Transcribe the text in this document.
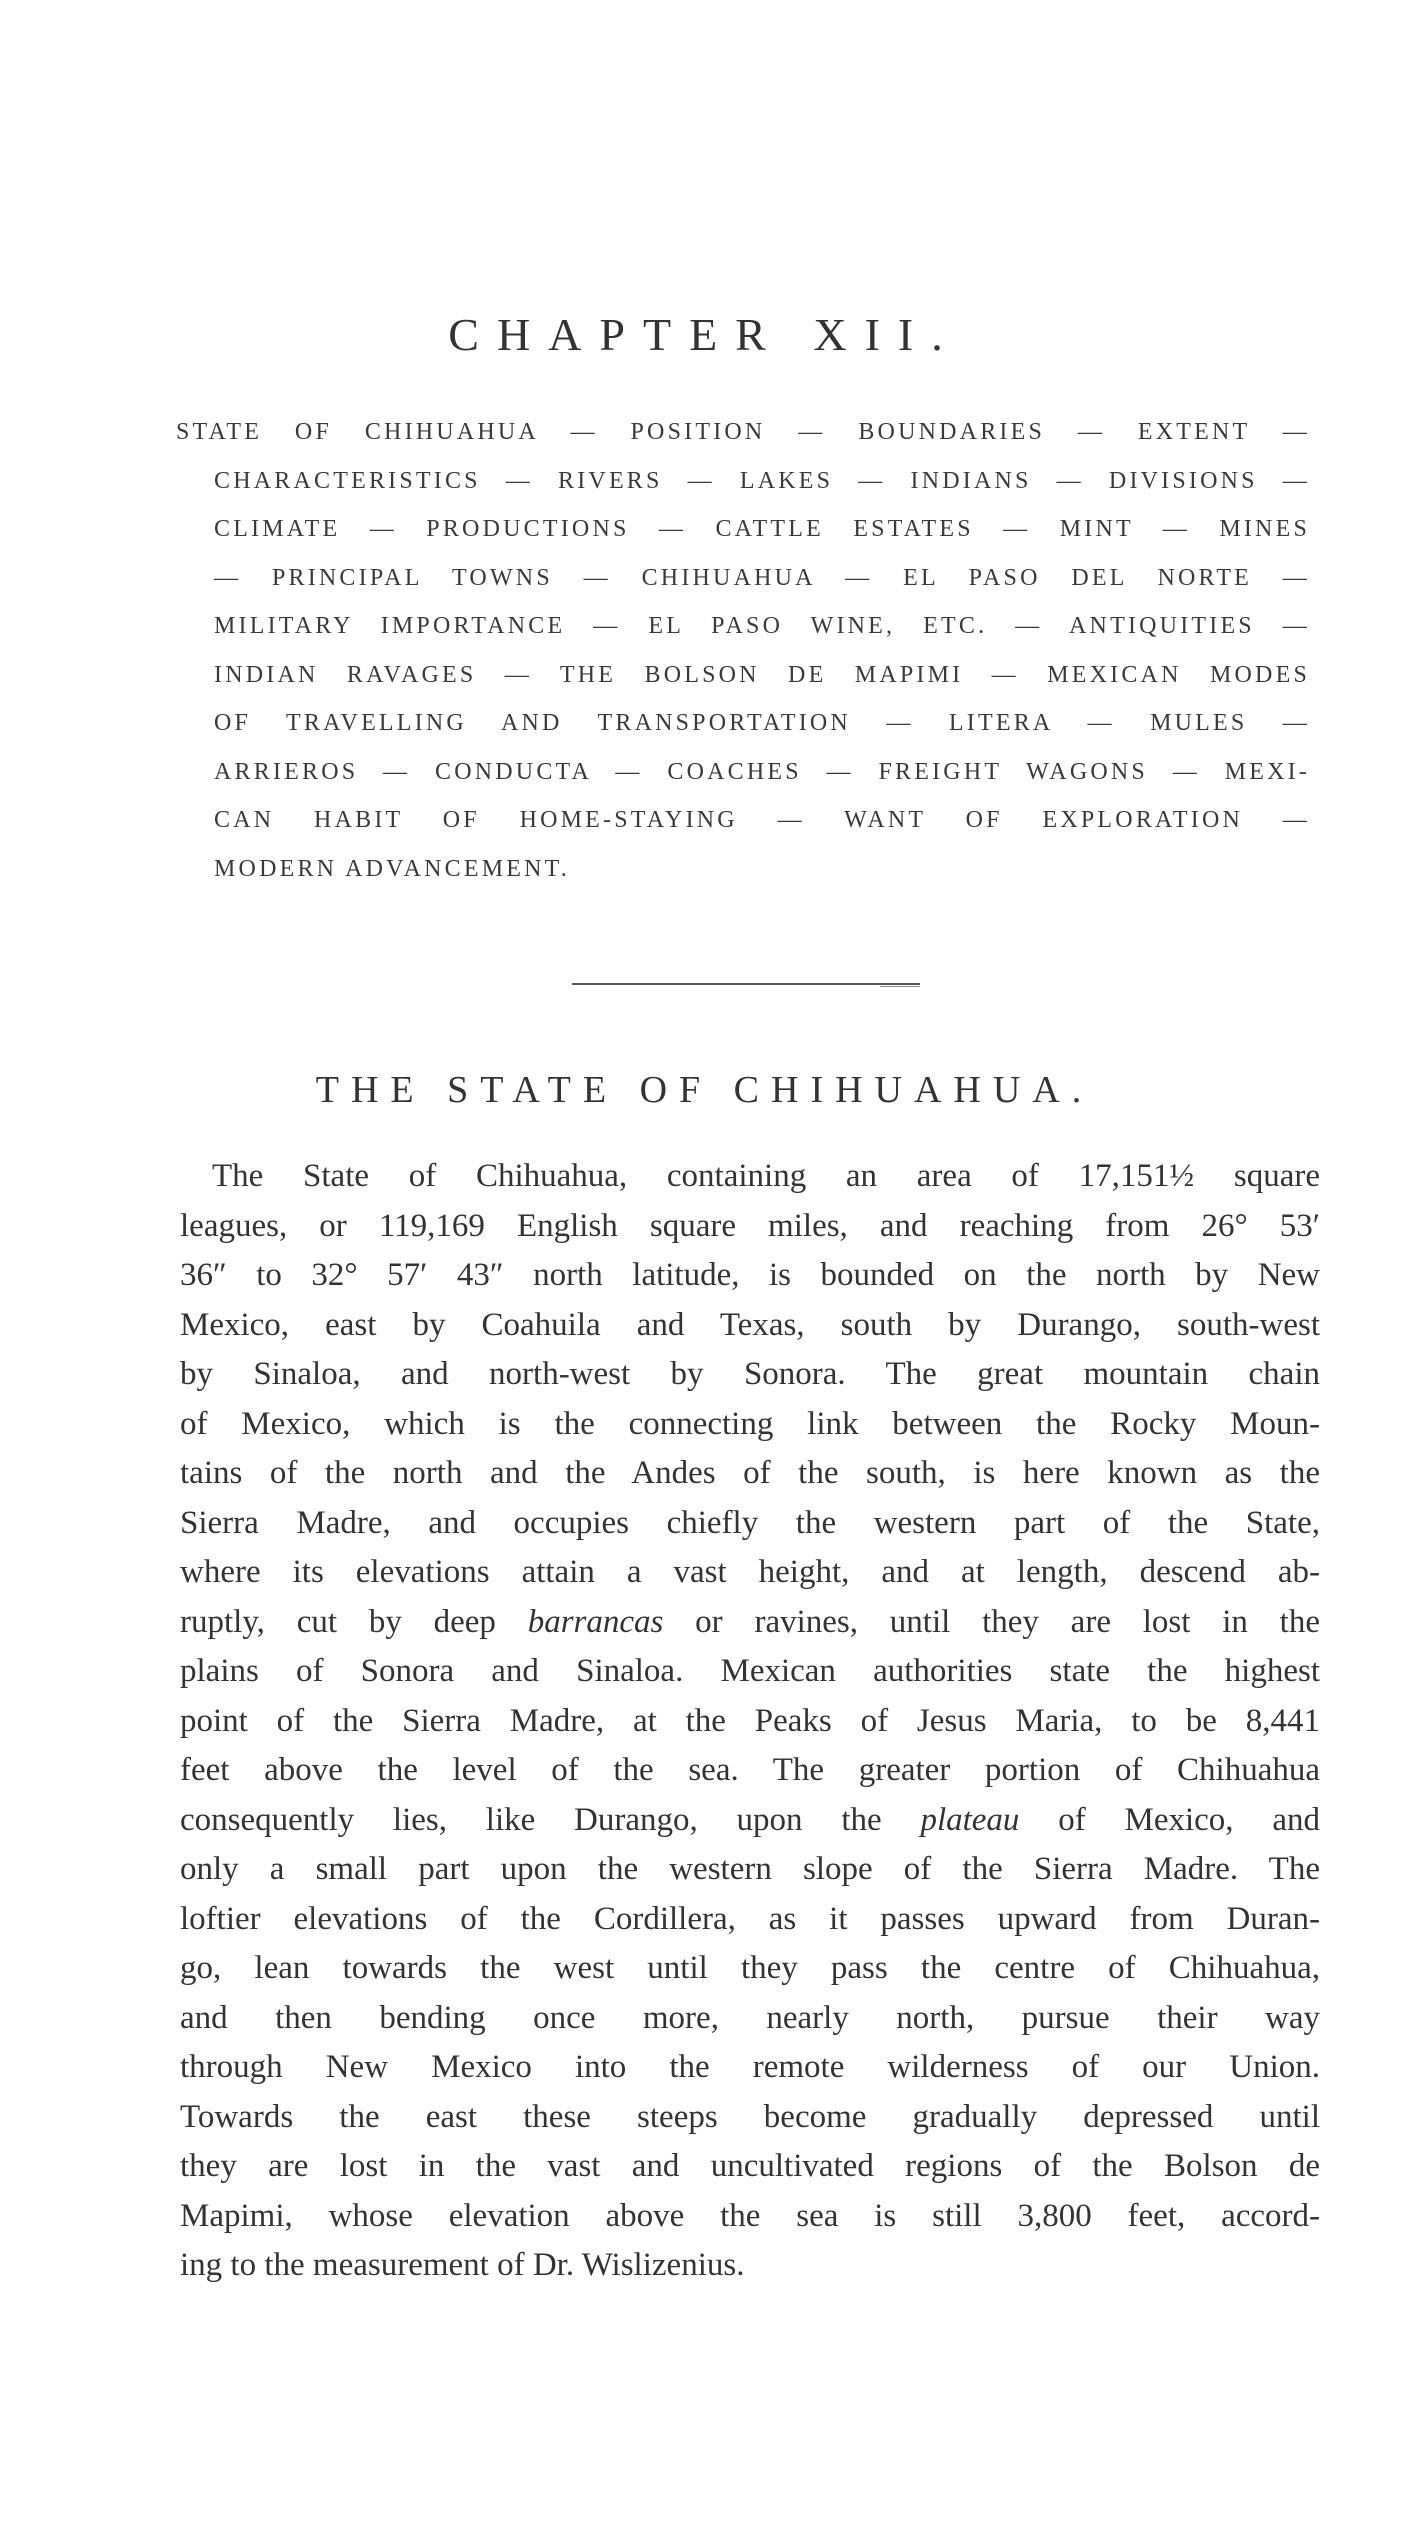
CHAPTER XII.
STATE OF CHIHUAHUA — POSITION — BOUNDARIES — EXTENT —
CHARACTERISTICS — RIVERS — LAKES — INDIANS — DIVISIONS —
CLIMATE — PRODUCTIONS — CATTLE ESTATES — MINT — MINES
— PRINCIPAL TOWNS — CHIHUAHUA — EL PASO DEL NORTE —
MILITARY IMPORTANCE — EL PASO WINE, ETC. — ANTIQUITIES —
INDIAN RAVAGES — THE BOLSON DE MAPIMI — MEXICAN MODES
OF TRAVELLING AND TRANSPORTATION — LITERA — MULES —
ARRIEROS — CONDUCTA — COACHES — FREIGHT WAGONS — MEXI-
CAN HABIT OF HOME-STAYING — WANT OF EXPLORATION —
MODERN ADVANCEMENT.
THE STATE OF CHIHUAHUA.
The State of Chihuahua, containing an area of 17,151½ square
leagues, or 119,169 English square miles, and reaching from 26° 53′
36″ to 32° 57′ 43″ north latitude, is bounded on the north by New
Mexico, east by Coahuila and Texas, south by Durango, south-west
by Sinaloa, and north-west by Sonora. The great mountain chain
of Mexico, which is the connecting link between the Rocky Moun-
tains of the north and the Andes of the south, is here known as the
Sierra Madre, and occupies chiefly the western part of the State,
where its elevations attain a vast height, and at length, descend ab-
ruptly, cut by deep barrancas or ravines, until they are lost in the
plains of Sonora and Sinaloa. Mexican authorities state the highest
point of the Sierra Madre, at the Peaks of Jesus Maria, to be 8,441
feet above the level of the sea. The greater portion of Chihuahua
consequently lies, like Durango, upon the plateau of Mexico, and
only a small part upon the western slope of the Sierra Madre. The
loftier elevations of the Cordillera, as it passes upward from Duran-
go, lean towards the west until they pass the centre of Chihuahua,
and then bending once more, nearly north, pursue their way
through New Mexico into the remote wilderness of our Union.
Towards the east these steeps become gradually depressed until
they are lost in the vast and uncultivated regions of the Bolson de
Mapimi, whose elevation above the sea is still 3,800 feet, accord-
ing to the measurement of Dr. Wislizenius.
